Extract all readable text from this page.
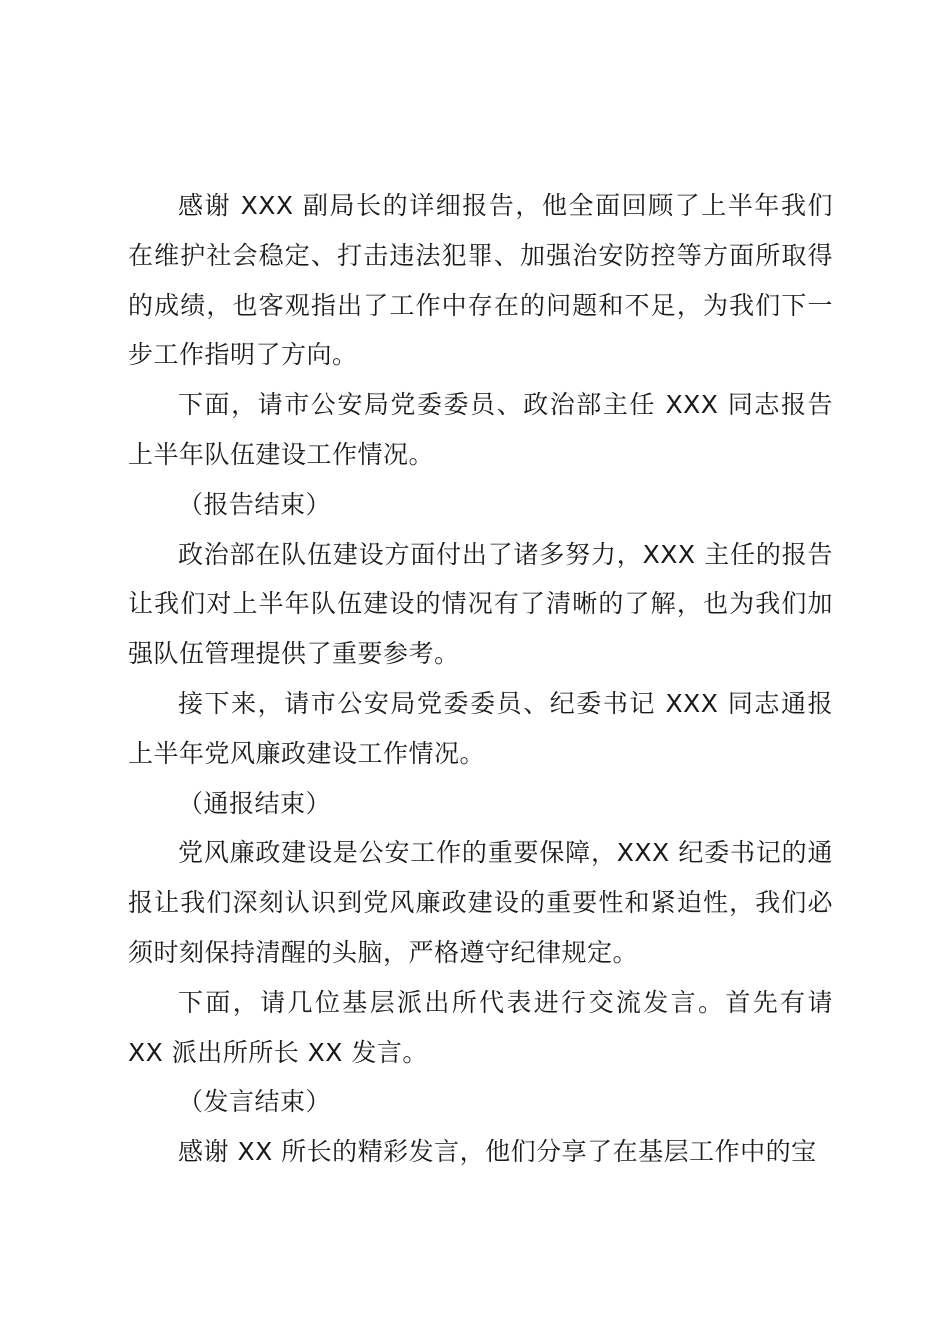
感谢 XXX 副局长的详细报告，他全面回顾了上半年我们在维护社会稳定、打击违法犯罪、加强治安防控等方面所取得的成绩，也客观指出了工作中存在的问题和不足，为我们下一步工作指明了方向。

下面，请市公安局党委委员、政治部主任 XXX 同志报告上半年队伍建设工作情况。

（报告结束）

政治部在队伍建设方面付出了诸多努力，XXX 主任的报告让我们对上半年队伍建设的情况有了清晰的了解，也为我们加强队伍管理提供了重要参考。

接下来，请市公安局党委委员、纪委书记 XXX 同志通报上半年党风廉政建设工作情况。

（通报结束）

党风廉政建设是公安工作的重要保障，XXX 纪委书记的通报让我们深刻认识到党风廉政建设的重要性和紧迫性，我们必须时刻保持清醒的头脑，严格遵守纪律规定。

下面，请几位基层派出所代表进行交流发言。首先有请 XX 派出所所长 XX 发言。

（发言结束）

感谢 XX 所长的精彩发言，他们分享了在基层工作中的宝
